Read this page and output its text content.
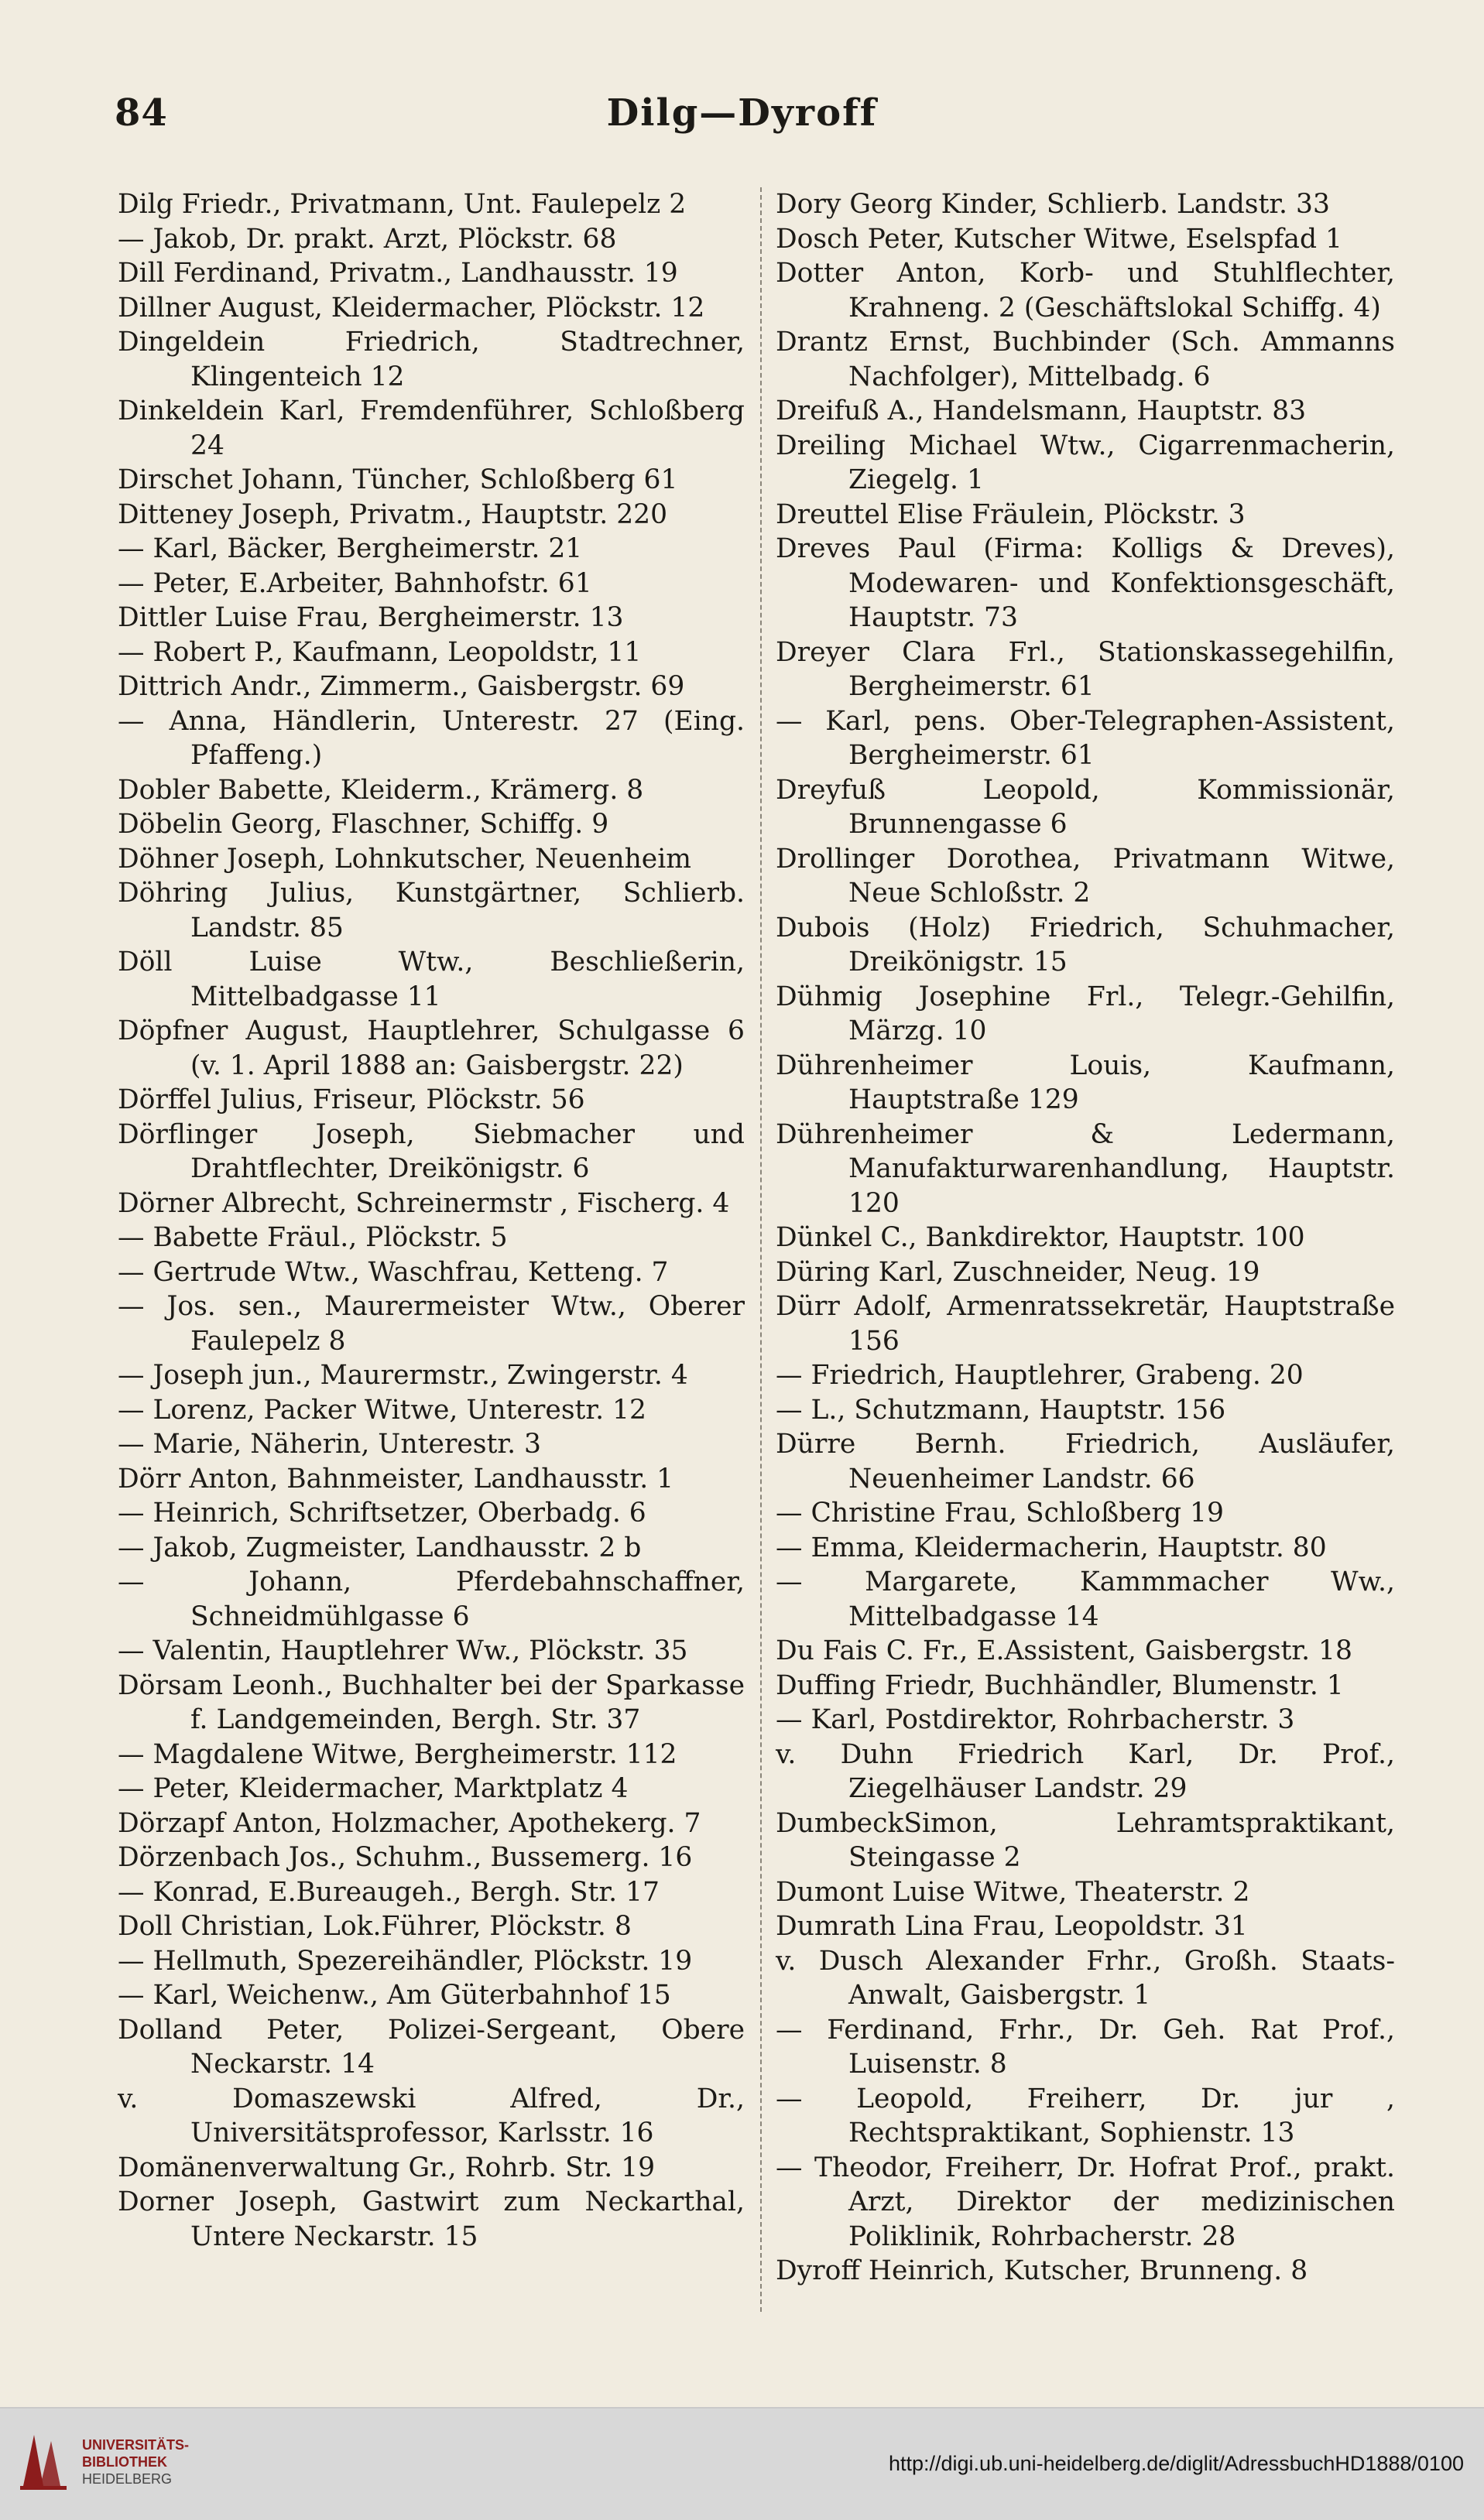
84	Dilg—Dyroff
Dilg Friedr., Privatmann, Unt. Faulepelz 2
— Jakob, Dr. prakt. Arzt, Plöckstr. 68
Dill Ferdinand, Privatm., Landhausstr. 19
Dillner August, Kleidermacher, Plöckstr. 12
Dingeldein Friedrich, Stadtrechner, Klingenteich 12
Dinkeldein Karl, Fremdenführer, Schloßberg 24
Dirschet Johann, Tüncher, Schloßberg 61
Ditteney Joseph, Privatm., Hauptstr. 220
— Karl, Bäcker, Bergheimerstr. 21
— Peter, E.Arbeiter, Bahnhofstr. 61
Dittler Luise Frau, Bergheimerstr. 13
— Robert P., Kaufmann, Leopoldstr, 11
Dittrich Andr., Zimmerm., Gaisbergstr. 69
— Anna, Händlerin, Unterestr. 27 (Eing. Pfaffeng.)
Dobler Babette, Kleiderm., Krämerg. 8
Döbelin Georg, Flaschner, Schiffg. 9
Döhner Joseph, Lohnkutscher, Neuenheim
Döhring Julius, Kunstgärtner, Schlierb. Landstr. 85
Döll Luise Wtw., Beschließerin, Mittelbadgasse 11
Döpfner August, Hauptlehrer, Schulgasse 6 (v. 1. April 1888 an: Gaisbergstr. 22)
Dörffel Julius, Friseur, Plöckstr. 56
Dörflinger Joseph, Siebmacher und Drahtflechter, Dreikönigstr. 6
Dörner Albrecht, Schreinermstr , Fischerg. 4
— Babette Fräul., Plöckstr. 5
— Gertrude Wtw., Waschfrau, Ketteng. 7
— Jos. sen., Maurermeister Wtw., Oberer Faulepelz 8
— Joseph jun., Maurermstr., Zwingerstr. 4
— Lorenz, Packer Witwe, Unterestr. 12
— Marie, Näherin, Unterestr. 3
Dörr Anton, Bahnmeister, Landhausstr. 1
— Heinrich, Schriftsetzer, Oberbadg. 6
— Jakob, Zugmeister, Landhausstr. 2 b
— Johann, Pferdebahnschaffner, Schneidmühlgasse 6
— Valentin, Hauptlehrer Ww., Plöckstr. 35
Dörsam Leonh., Buchhalter bei der Sparkasse f. Landgemeinden, Bergh. Str. 37
— Magdalene Witwe, Bergheimerstr. 112
— Peter, Kleidermacher, Marktplatz 4
Dörzapf Anton, Holzmacher, Apothekerg. 7
Dörzenbach Jos., Schuhm., Bussemerg. 16
— Konrad, E.Bureaugeh., Bergh. Str. 17
Doll Christian, Lok.Führer, Plöckstr. 8
— Hellmuth, Spezereihändler, Plöckstr. 19
— Karl, Weichenw., Am Güterbahnhof 15
Dolland Peter, Polizei-Sergeant, Obere Neckarstr. 14
v. Domaszewski Alfred, Dr., Universitätsprofessor, Karlsstr. 16
Domänenverwaltung Gr., Rohrb. Str. 19
Dorner Joseph, Gastwirt zum Neckarthal, Untere Neckarstr. 15
Dory Georg Kinder, Schlierb. Landstr. 33
Dosch Peter, Kutscher Witwe, Eselspfad 1
Dotter Anton, Korb- und Stuhlflechter, Krahneng. 2 (Geschäftslokal Schiffg. 4)
Drantz Ernst, Buchbinder (Sch. Ammanns Nachfolger), Mittelbadg. 6
Dreifuß A., Handelsmann, Hauptstr. 83
Dreiling Michael Wtw., Cigarrenmacherin, Ziegelg. 1
Dreuttel Elise Fräulein, Plöckstr. 3
Dreves Paul (Firma: Kolligs & Dreves), Modewaren- und Konfektionsgeschäft, Hauptstr. 73
Dreyer Clara Frl., Stationskassegehilfin, Bergheimerstr. 61
— Karl, pens. Ober-Telegraphen-Assistent, Bergheimerstr. 61
Dreyfuß Leopold, Kommissionär, Brunnengasse 6
Drollinger Dorothea, Privatmann Witwe, Neue Schloßstr. 2
Dubois (Holz) Friedrich, Schuhmacher, Dreikönigstr. 15
Dühmig Josephine Frl., Telegr.-Gehilfin, Märzg. 10
Dührenheimer Louis, Kaufmann, Hauptstraße 129
Dührenheimer & Ledermann, Manufakturwarenhandlung, Hauptstr. 120
Dünkel C., Bankdirektor, Hauptstr. 100
Düring Karl, Zuschneider, Neug. 19
Dürr Adolf, Armenratssekretär, Hauptstraße 156
— Friedrich, Hauptlehrer, Grabeng. 20
— L., Schutzmann, Hauptstr. 156
Dürre Bernh. Friedrich, Ausläufer, Neuenheimer Landstr. 66
— Christine Frau, Schloßberg 19
— Emma, Kleidermacherin, Hauptstr. 80
— Margarete, Kammmacher Ww., Mittelbadgasse 14
Du Fais C. Fr., E.Assistent, Gaisbergstr. 18
Duffing Friedr, Buchhändler, Blumenstr. 1
— Karl, Postdirektor, Rohrbacherstr. 3
v. Duhn Friedrich Karl, Dr. Prof., Ziegelhäuser Landstr. 29
DumbeckSimon, Lehramtspraktikant, Steingasse 2
Dumont Luise Witwe, Theaterstr. 2
Dumrath Lina Frau, Leopoldstr. 31
v. Dusch Alexander Frhr., Großh. Staats-Anwalt, Gaisbergstr. 1
— Ferdinand, Frhr., Dr. Geh. Rat Prof., Luisenstr. 8
— Leopold, Freiherr, Dr. jur , Rechtspraktikant, Sophienstr. 13
— Theodor, Freiherr, Dr. Hofrat Prof., prakt. Arzt, Direktor der medizinischen Poliklinik, Rohrbacherstr. 28
Dyroff Heinrich, Kutscher, Brunneng. 8
UNIVERSITÄTS-
BIBLIOTHEK
HEIDELBERG
http://digi.ub.uni-heidelberg.de/diglit/AdressbuchHD1888/0100
